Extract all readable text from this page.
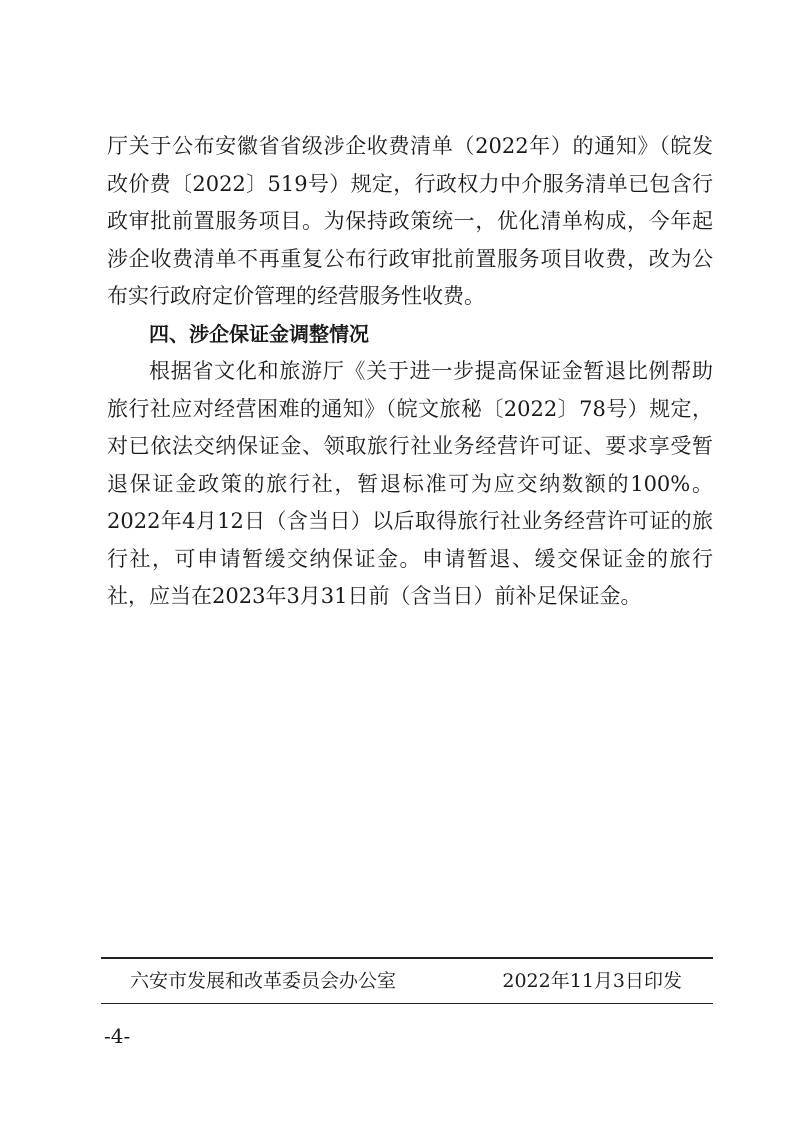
厅关于公布安徽省省级涉企收费清单（2022年）的通知》（皖发改价费〔2022〕519号）规定，行政权力中介服务清单已包含行政审批前置服务项目。为保持政策统一，优化清单构成，今年起涉企收费清单不再重复公布行政审批前置服务项目收费，改为公布实行政府定价管理的经营服务性收费。

四、涉企保证金调整情况

根据省文化和旅游厅《关于进一步提高保证金暂退比例帮助旅行社应对经营困难的通知》（皖文旅秘〔2022〕78号）规定，对已依法交纳保证金、领取旅行社业务经营许可证、要求享受暂退保证金政策的旅行社，暂退标准可为应交纳数额的100%。2022年4月12日（含当日）以后取得旅行社业务经营许可证的旅行社，可申请暂缓交纳保证金。申请暂退、缓交保证金的旅行社，应当在2023年3月31日前（含当日）前补足保证金。

六安市发展和改革委员会办公室	2022年11月3日印发
-4-
